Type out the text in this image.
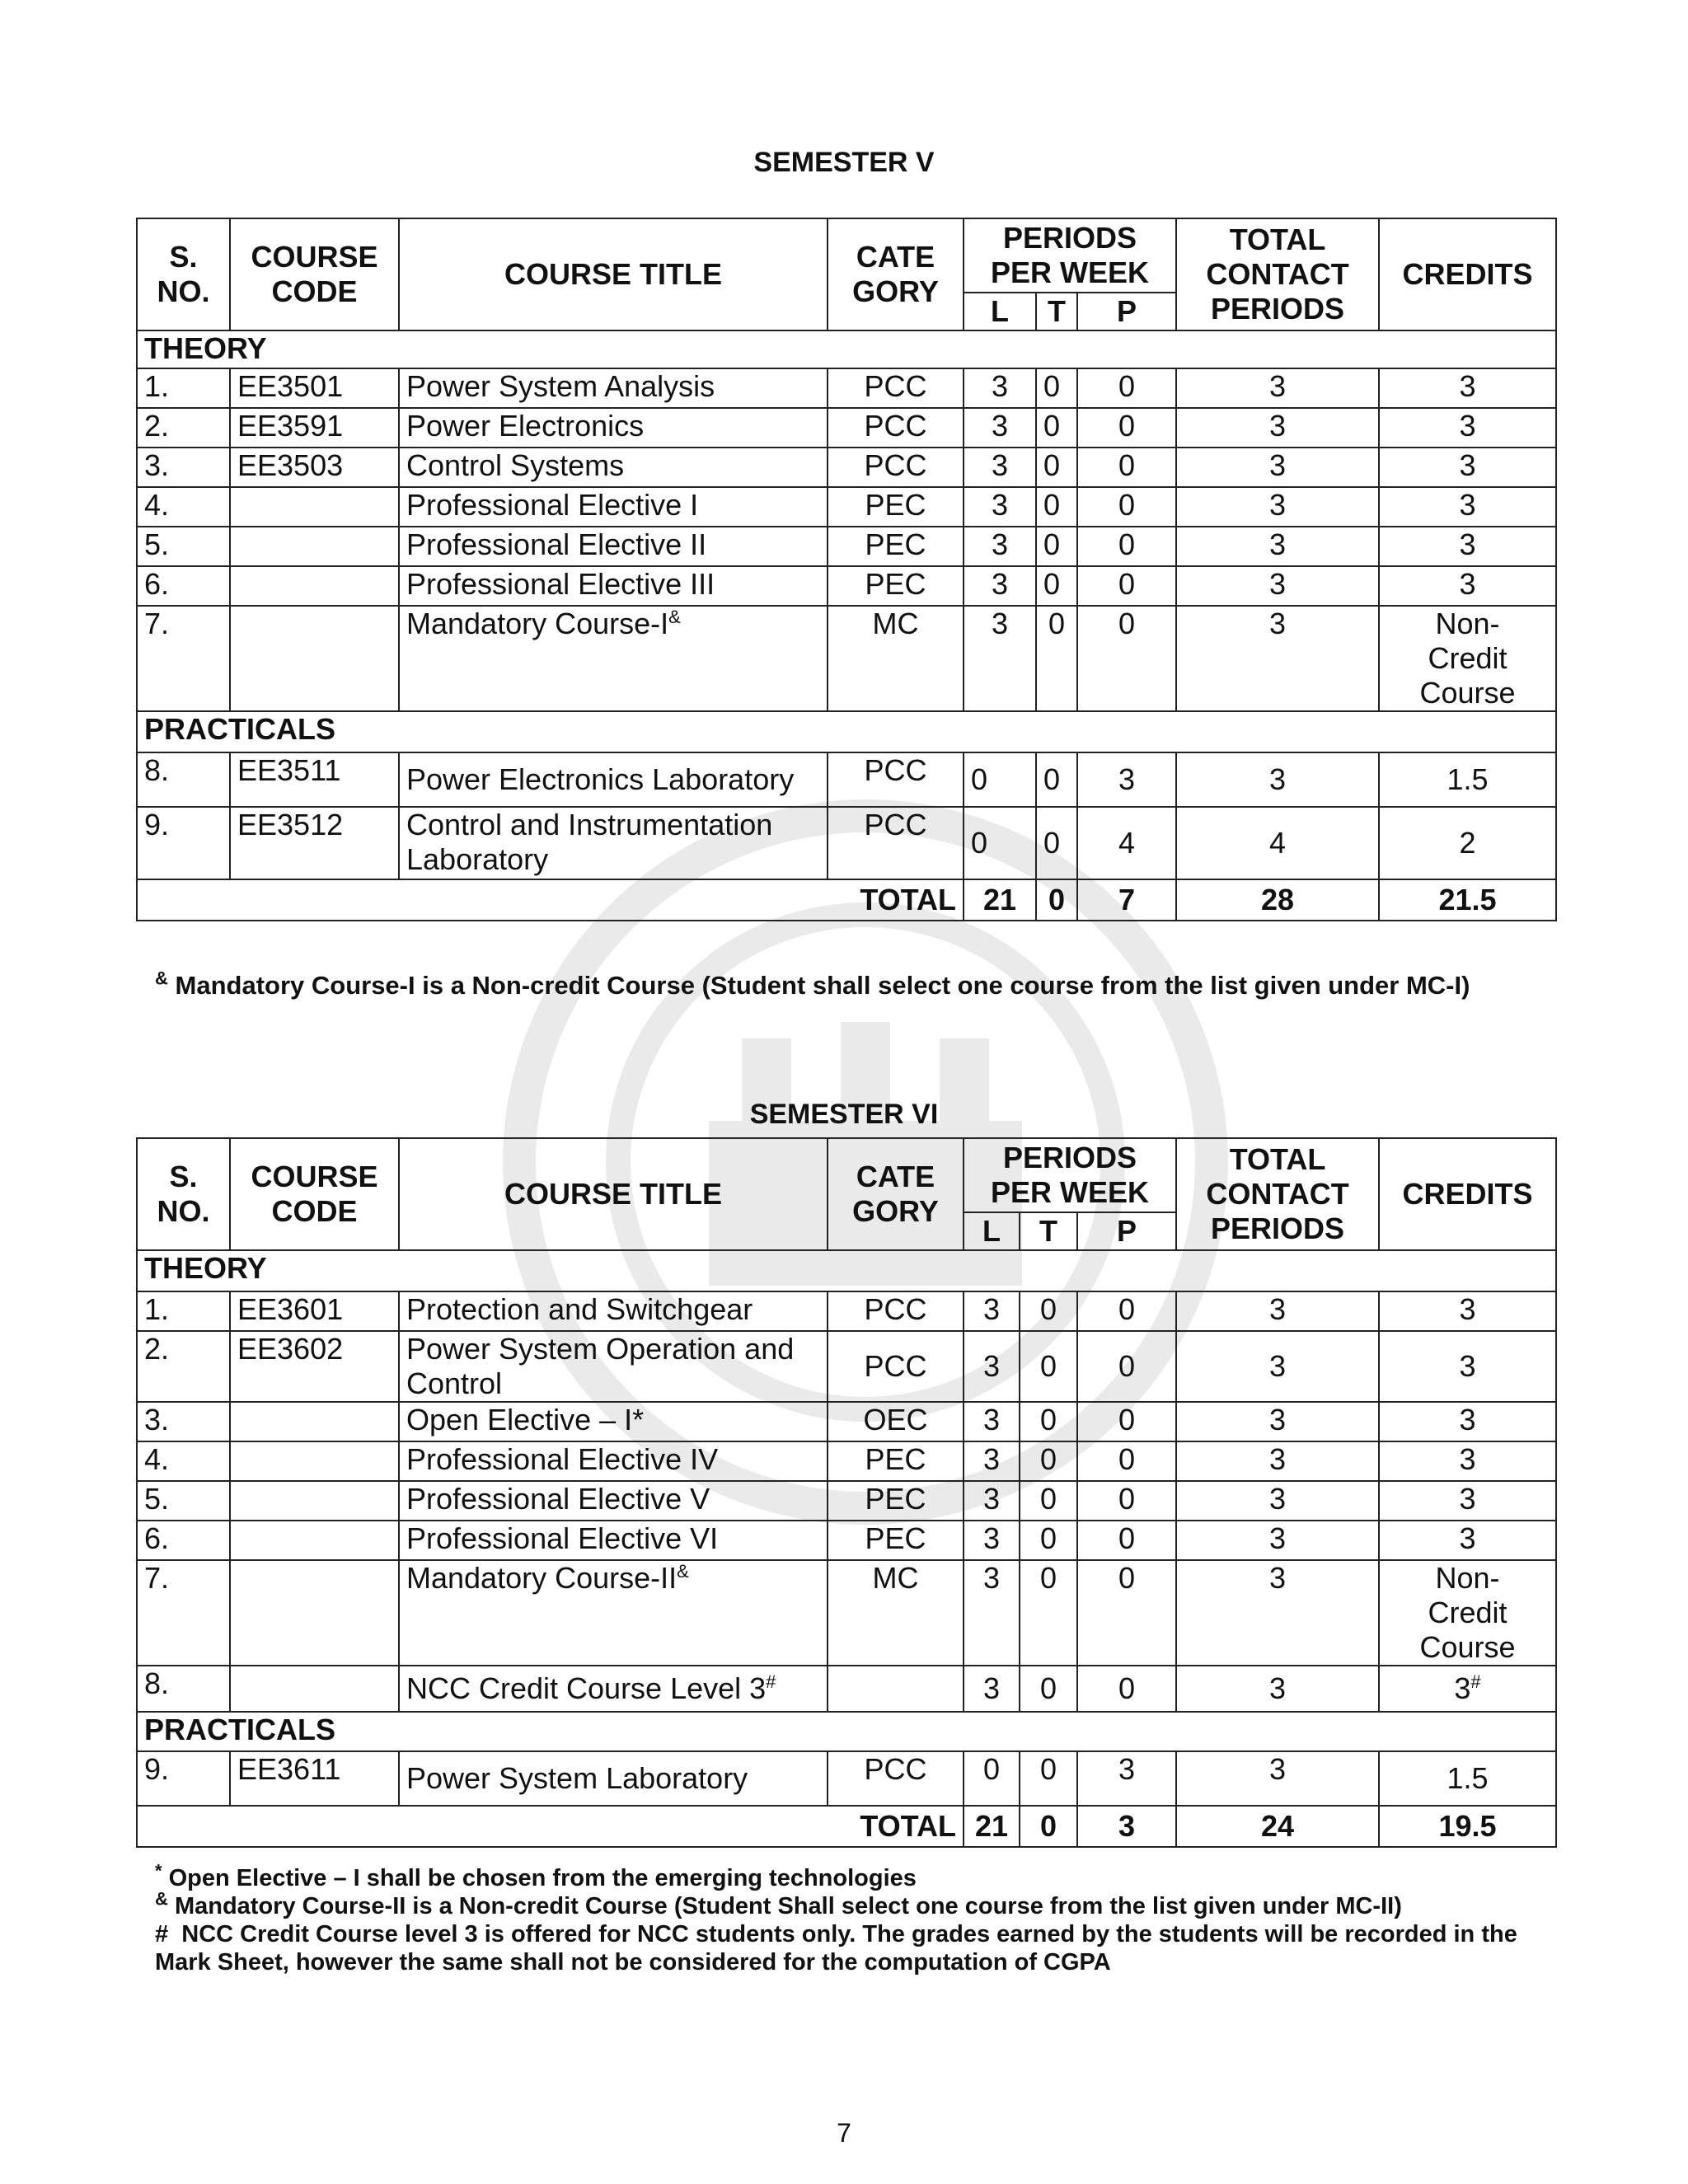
SEMESTER V
S.
NO.	COURSE
CODE	COURSE TITLE	CATE
GORY	PERIODS
PER WEEK			TOTAL
CONTACT
PERIODS	CREDITS
				L	T	P		
THEORY								
1.	EE3501	Power System Analysis	PCC	3	0	0	3	3
2.	EE3591	Power Electronics	PCC	3	0	0	3	3
3.	EE3503	Control Systems	PCC	3	0	0	3	3
4.		Professional Elective I	PEC	3	0	0	3	3
5.		Professional Elective II	PEC	3	0	0	3	3
6.		Professional Elective III	PEC	3	0	0	3	3
7.		Mandatory Course-I&	MC	3	0	0	3	Non-
Credit
Course
PRACTICALS								
8.	EE3511	Power Electronics Laboratory	PCC	0	0	3	3	1.5
9.	EE3512	Control and Instrumentation
Laboratory	PCC	0	0	4	4	2
TOTAL				21	0	7	28	21.5
& Mandatory Course-I is a Non-credit Course (Student shall select one course from the list given under MC-I)
SEMESTER VI
S.
NO.	COURSE
CODE	COURSE TITLE	CATE
GORY	PERIODS
PER WEEK			TOTAL
CONTACT
PERIODS	CREDITS
				L	T	P		
THEORY								
1.	EE3601	Protection and Switchgear	PCC	3	0	0	3	3
2.	EE3602	Power System Operation and
Control	PCC	3	0	0	3	3
3.		Open Elective – I*	OEC	3	0	0	3	3
4.		Professional Elective IV	PEC	3	0	0	3	3
5.		Professional Elective V	PEC	3	0	0	3	3
6.		Professional Elective VI	PEC	3	0	0	3	3
7.		Mandatory Course-II&	MC	3	0	0	3	Non-
Credit
Course
8.		NCC Credit Course Level 3#		3	0	0	3	3#
PRACTICALS								
9.	EE3611	Power System Laboratory	PCC	0	0	3	3	1.5
TOTAL				21	0	3	24	19.5
* Open Elective – I shall be chosen from the emerging technologies
& Mandatory Course-II is a Non-credit Course (Student Shall select one course from the list given under MC-II)
# NCC Credit Course level 3 is offered for NCC students only. The grades earned by the students will be recorded in the Mark Sheet, however the same shall not be considered for the computation of CGPA
7
